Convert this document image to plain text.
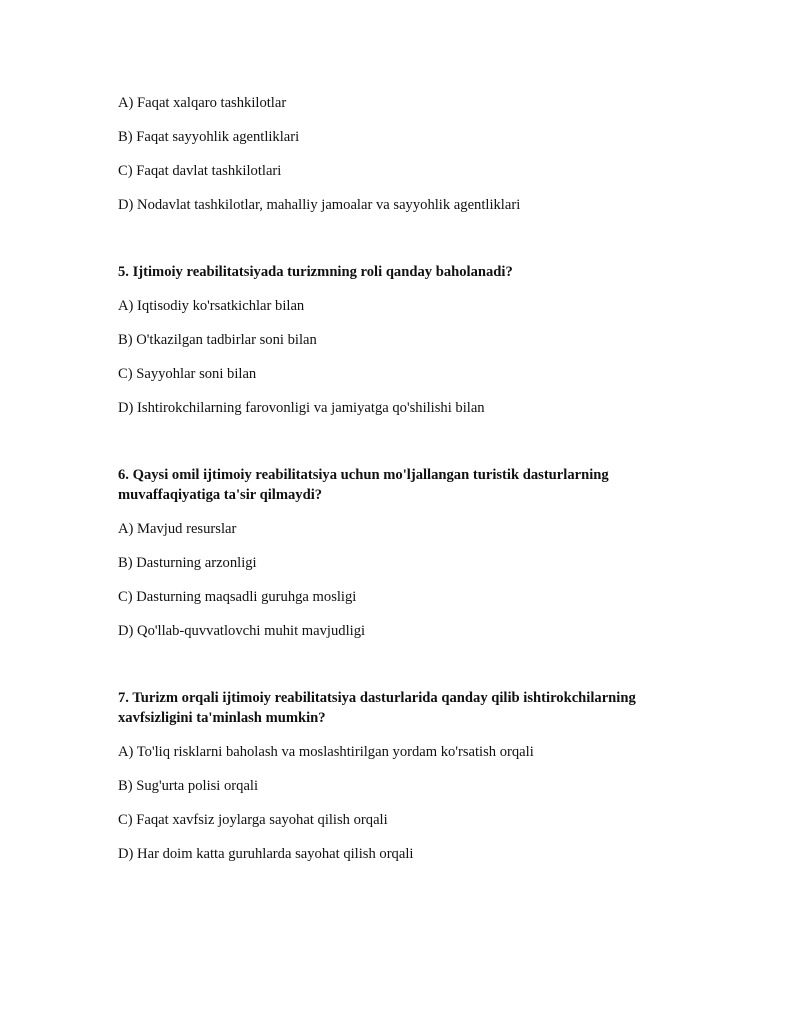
A) Faqat xalqaro tashkilotlar
B) Faqat sayyohlik agentliklari
C) Faqat davlat tashkilotlari
D) Nodavlat tashkilotlar, mahalliy jamoalar va sayyohlik agentliklari
5. Ijtimoiy reabilitatsiyada turizmning roli qanday baholanadi?
A) Iqtisodiy ko'rsatkichlar bilan
B) O'tkazilgan tadbirlar soni bilan
C) Sayyohlar soni bilan
D) Ishtirokchilarning farovonligi va jamiyatga qo'shilishi bilan
6. Qaysi omil ijtimoiy reabilitatsiya uchun mo'ljallangan turistik dasturlarning
muvaffaqiyatiga ta'sir qilmaydi?
A) Mavjud resurslar
B) Dasturning arzonligi
C) Dasturning maqsadli guruhga mosligi
D) Qo'llab-quvvatlovchi muhit mavjudligi
7. Turizm orqali ijtimoiy reabilitatsiya dasturlarida qanday qilib ishtirokchilarning
xavfsizligini ta'minlash mumkin?
A) To'liq risklarni baholash va moslashtirilgan yordam ko'rsatish orqali
B) Sug'urta polisi orqali
C) Faqat xavfsiz joylarga sayohat qilish orqali
D) Har doim katta guruhlarda sayohat qilish orqali
